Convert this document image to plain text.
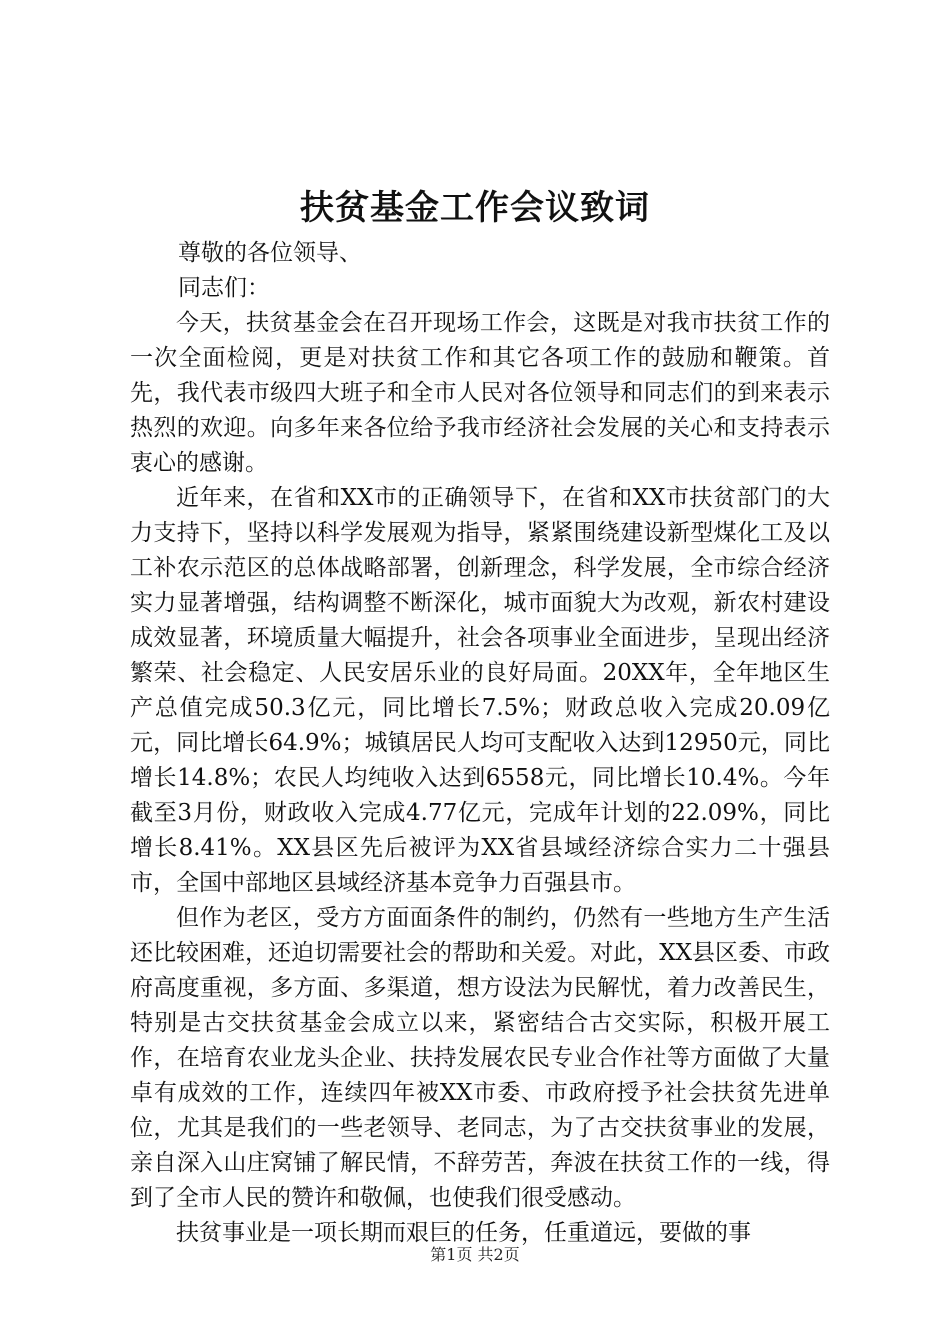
扶贫基金工作会议致词

尊敬的各位领导、

同志们：

今天，扶贫基金会在召开现场工作会，这既是对我市扶贫工作的一次全面检阅，更是对扶贫工作和其它各项工作的鼓励和鞭策。首先，我代表市级四大班子和全市人民对各位领导和同志们的到来表示热烈的欢迎。向多年来各位给予我市经济社会发展的关心和支持表示衷心的感谢。

近年来，在省和XX市的正确领导下，在省和XX市扶贫部门的大力支持下，坚持以科学发展观为指导，紧紧围绕建设新型煤化工及以工补农示范区的总体战略部署，创新理念，科学发展，全市综合经济实力显著增强，结构调整不断深化，城市面貌大为改观，新农村建设成效显著，环境质量大幅提升，社会各项事业全面进步，呈现出经济繁荣、社会稳定、人民安居乐业的良好局面。20XX年，全年地区生产总值完成50.3亿元，同比增长7.5%；财政总收入完成20.09亿元，同比增长64.9%；城镇居民人均可支配收入达到12950元，同比增长14.8%；农民人均纯收入达到6558元，同比增长10.4%。今年截至3月份，财政收入完成4.77亿元，完成年计划的22.09%，同比增长8.41%。XX县区先后被评为XX省县域经济综合实力二十强县市，全国中部地区县域经济基本竞争力百强县市。

但作为老区，受方方面面条件的制约，仍然有一些地方生产生活还比较困难，还迫切需要社会的帮助和关爱。对此，XX县区委、市政府高度重视，多方面、多渠道，想方设法为民解忧，着力改善民生，特别是古交扶贫基金会成立以来，紧密结合古交实际，积极开展工作，在培育农业龙头企业、扶持发展农民专业合作社等方面做了大量卓有成效的工作，连续四年被XX市委、市政府授予社会扶贫先进单位，尤其是我们的一些老领导、老同志，为了古交扶贫事业的发展，亲自深入山庄窝铺了解民情，不辞劳苦，奔波在扶贫工作的一线，得到了全市人民的赞许和敬佩，也使我们很受感动。

扶贫事业是一项长期而艰巨的任务，任重道远，要做的事

第1页 共2页
